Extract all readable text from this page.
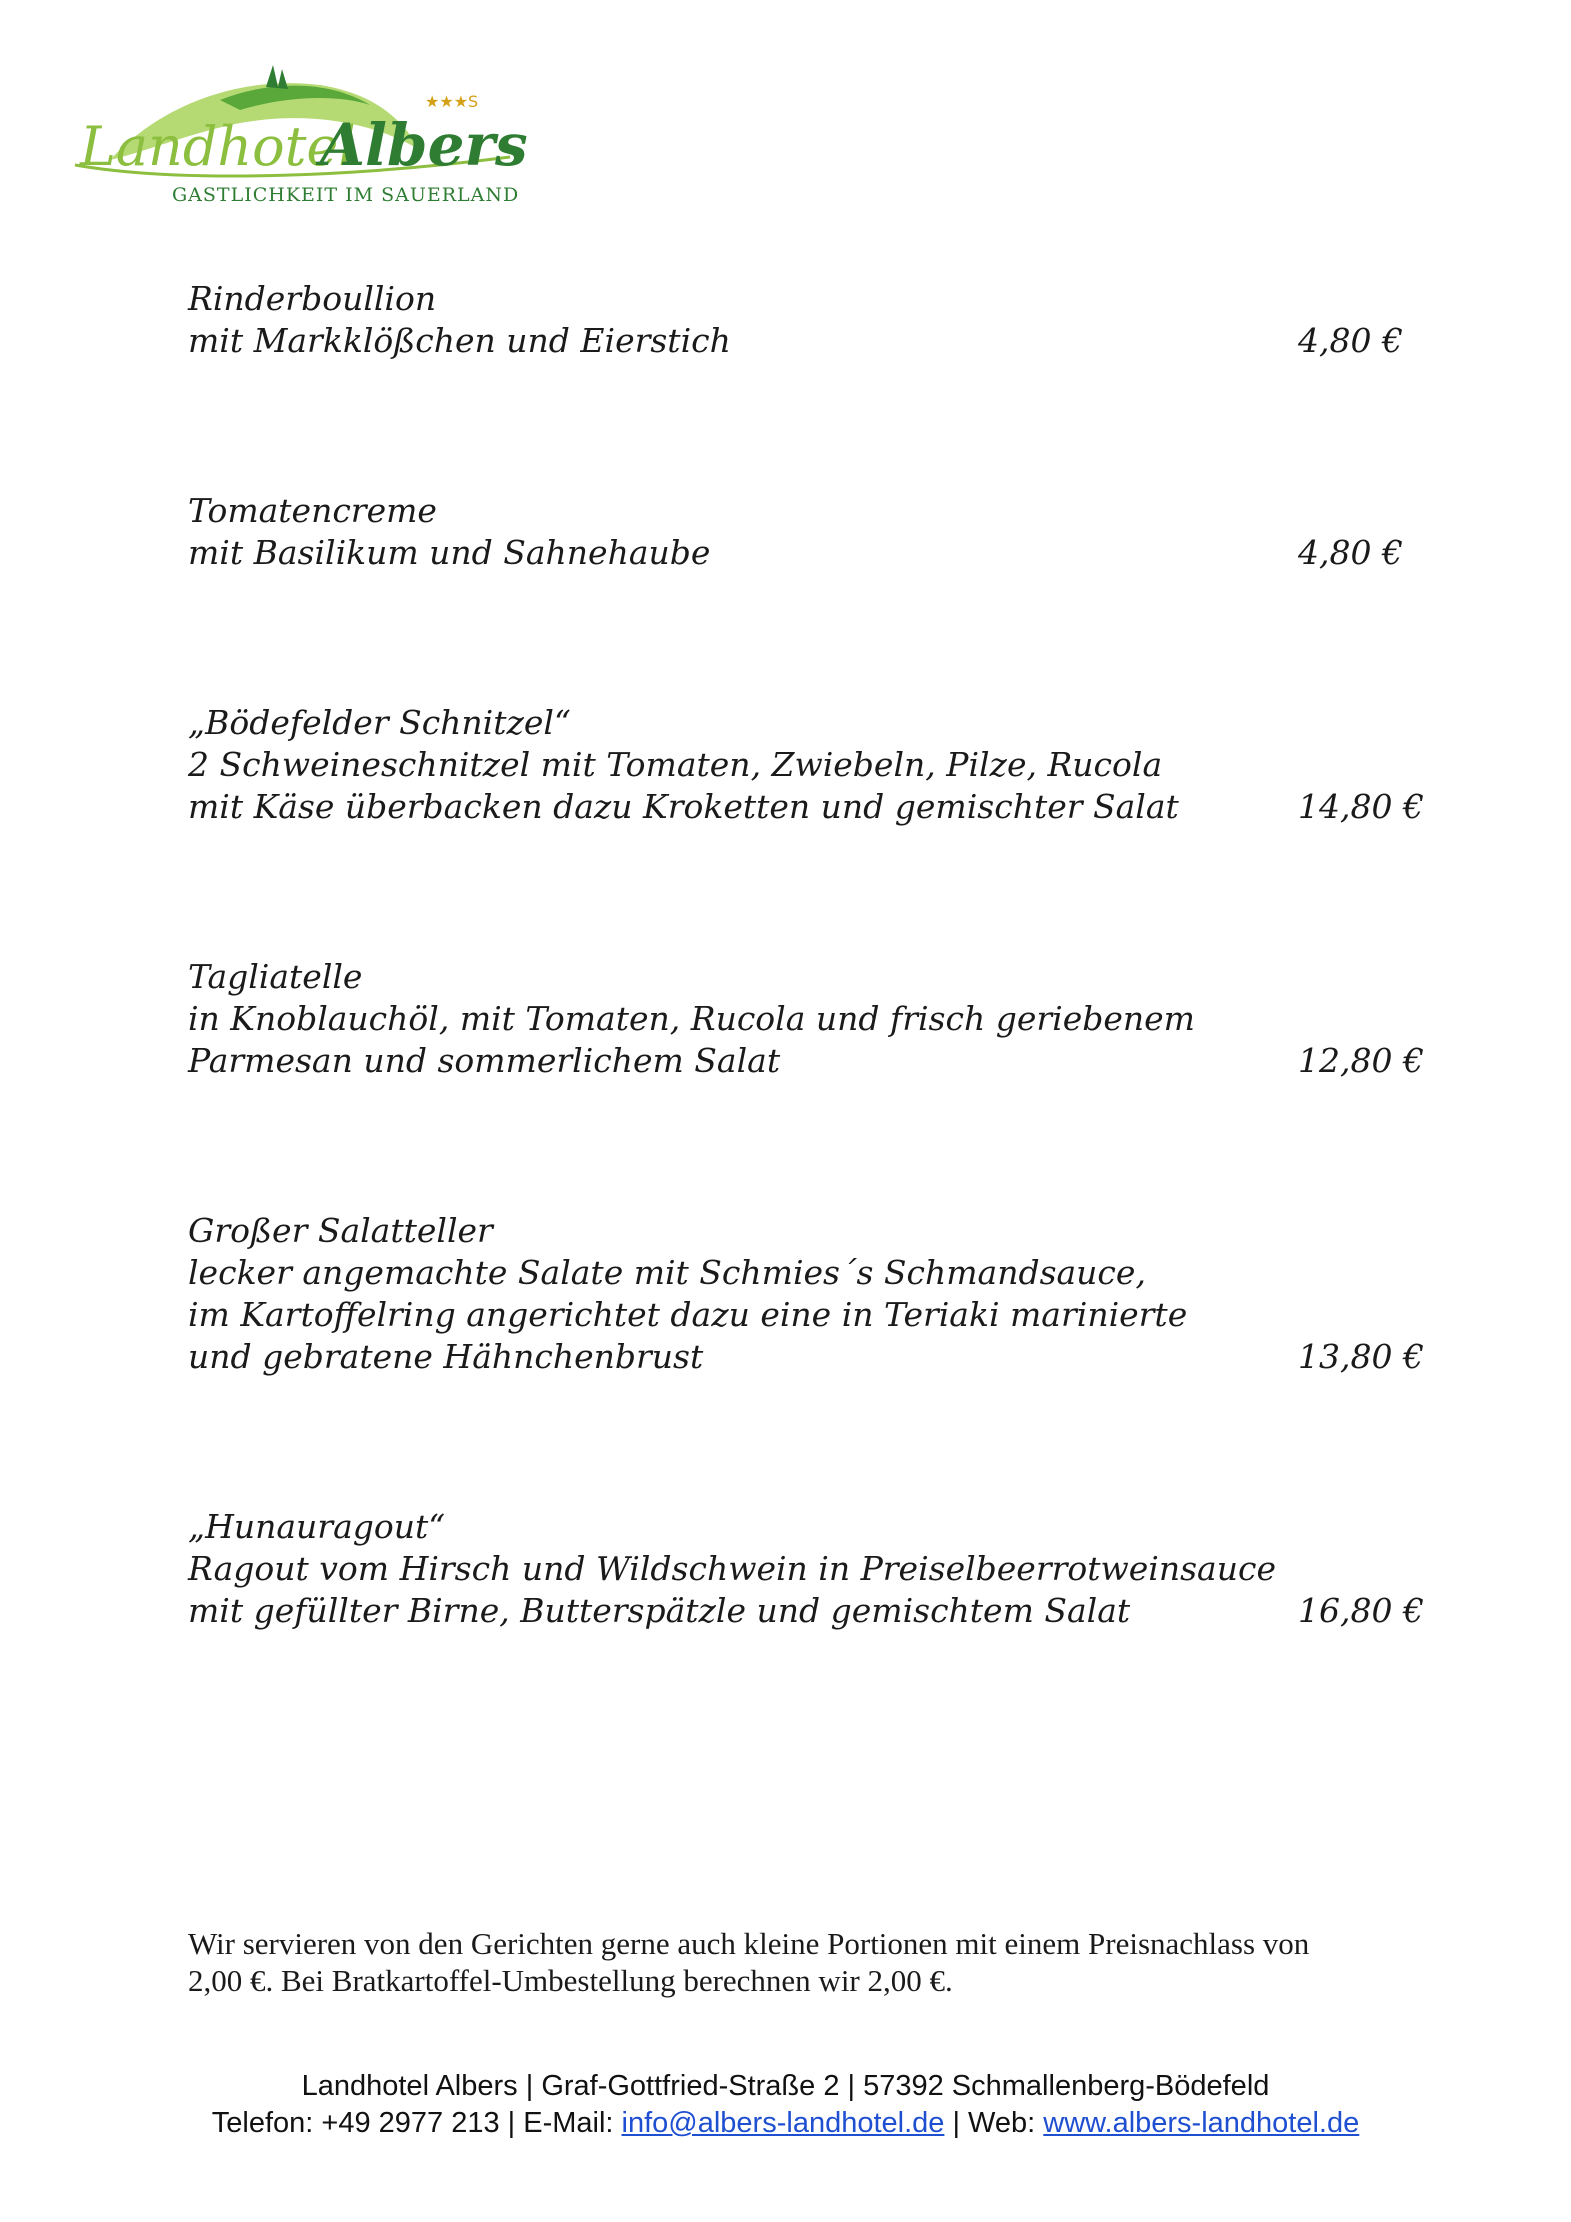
Landhotel
Albers
★★★S
GASTLICHKEIT IM SAUERLAND
Rinderboullion
mit Markklößchen und Eierstich	4,80 €
Tomatencreme
mit Basilikum und Sahnehaube	4,80 €
„Bödefelder Schnitzel“
2 Schweineschnitzel mit Tomaten, Zwiebeln, Pilze, Rucola
mit Käse überbacken dazu Kroketten und gemischter Salat	14,80 €
Tagliatelle
in Knoblauchöl, mit Tomaten, Rucola und frisch geriebenem
Parmesan und sommerlichem Salat	12,80 €
Großer Salatteller
lecker angemachte Salate mit Schmies´s Schmandsauce,
im Kartoffelring angerichtet dazu eine in Teriaki marinierte
und gebratene Hähnchenbrust	13,80 €
„Hunauragout“
Ragout vom Hirsch und Wildschwein in Preiselbeerrotweinsauce
mit gefüllter Birne, Butterspätzle und gemischtem Salat	16,80 €
Wir servieren von den Gerichten gerne auch kleine Portionen mit einem Preisnachlass von
2,00 €. Bei Bratkartoffel-Umbestellung berechnen wir 2,00 €.
Landhotel Albers | Graf-Gottfried-Straße 2 | 57392 Schmallenberg-Bödefeld
Telefon: +49 2977 213 | E-Mail: info@albers-landhotel.de | Web: www.albers-landhotel.de
